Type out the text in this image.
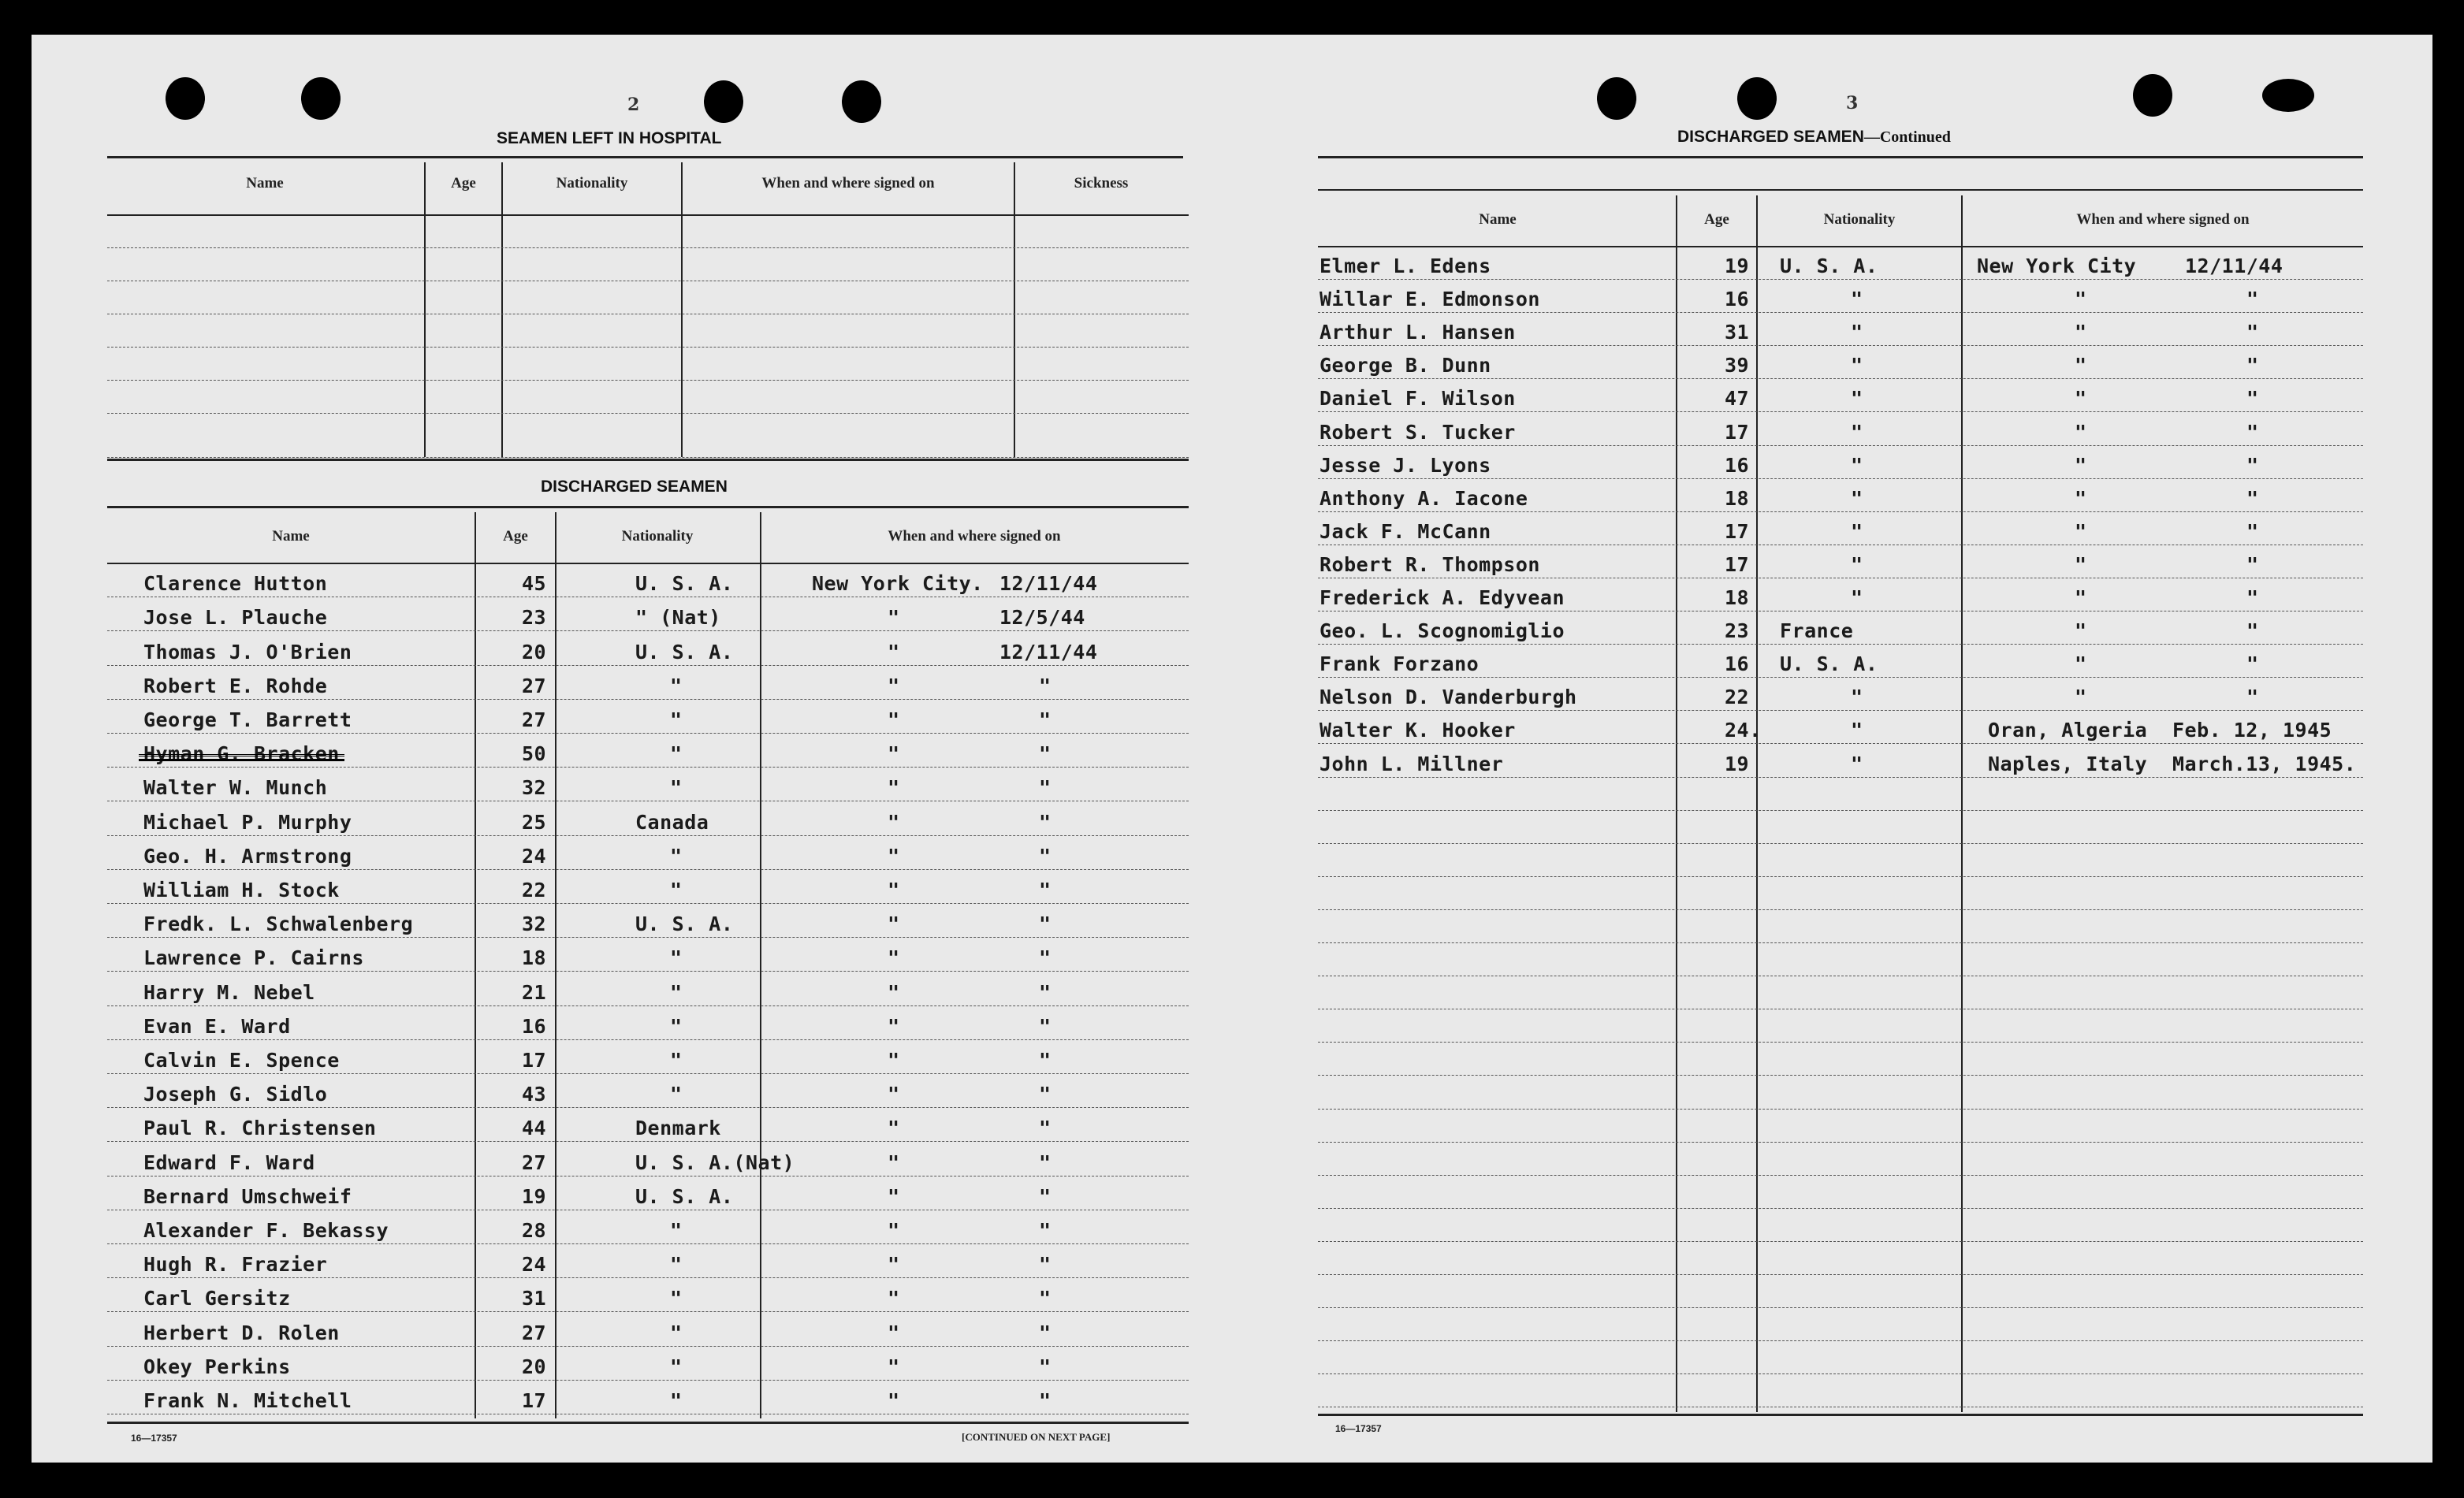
2
SEAMEN LEFT IN HOSPITAL
Name	Age	Nationality	When and where signed on	Sickness
DISCHARGED SEAMEN
Name	Age	Nationality	When and where signed on
Clarence Hutton	45	U. S. A.	New York City. 12/11/44
Jose L. Plauche	23	" (Nat)	"	12/5/44
Thomas J. O'Brien	20	U. S. A.	"	12/11/44
Robert E. Rohde	27	"	"	"
George T. Barrett	27	"	"	"
Hyman G. Bracken	50	"	"	"
Walter W. Munch	32	"	"	"
Michael P. Murphy	25	Canada	"	"
Geo. H. Armstrong	24	"	"	"
William H. Stock	22	"	"	"
Fredk. L. Schwalenberg	32	U. S. A.	"	"
Lawrence P. Cairns	18	"	"	"
Harry M. Nebel	21	"	"	"
Evan E. Ward	16	"	"	"
Calvin E. Spence	17	"	"	"
Joseph G. Sidlo	43	"	"	"
Paul R. Christensen	44	Denmark	"	"
Edward F. Ward	27	U. S. A.(Nat)	"	"
Bernard Umschweif	19	U. S. A.	"	"
Alexander F. Bekassy	28	"	"	"
Hugh R. Frazier	24	"	"	"
Carl Gersitz	31	"	"	"
Herbert D. Rolen	27	"	"	"
Okey Perkins	20	"	"	"
Frank N. Mitchell	17	"	"	"
16—17357	[CONTINUED ON NEXT PAGE]
3
DISCHARGED SEAMEN—Continued
Name	Age	Nationality	When and where signed on
Elmer L. Edens	19 U. S. A.	New York City 12/11/44
Willar E. Edmonson	16	"	"	"
Arthur L. Hansen	31	"	"	"
George B. Dunn	39	"	"	"
Daniel F. Wilson	47	"	"	"
Robert S. Tucker	17	"	"	"
Jesse J. Lyons	16	"	"	"
Anthony A. Iacone	18	"	"	"
Jack F. McCann	17	"	"	"
Robert R. Thompson	17	"	"	"
Frederick A. Edyvean	18	"	"	"
Geo. L. Scognomiglio	23 France	"	"
Frank Forzano	16 U. S. A.	"	"
Nelson D. Vanderburgh	22	"	"	"
Walter K. Hooker	24.	"	Oran, Algeria Feb. 12, 1945
John L. Millner	19	"	Naples, Italy March.13, 1945.
16—17357
